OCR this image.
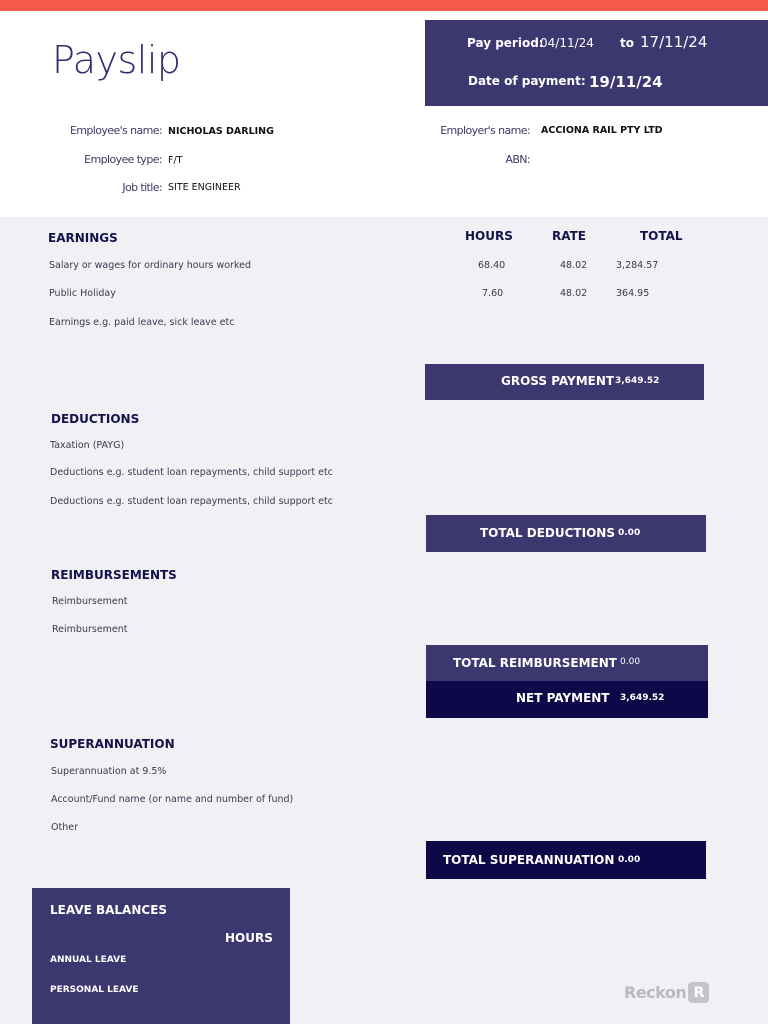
Payslip	Pay period:
04/11/24 to 17/11/24
Date of payment: 19/11/24
Employee's name: NICHOLAS DARLING
Employee type: F/T
Job title: SITE ENGINEER
Employer's name: ACCIONA RAIL PTY LTD
ABN:
EARNINGS	HOURS	RATE	TOTAL
Salary or wages for ordinary hours worked	68.40	48.02	3,284.57
Public Holiday	7.60	48.02	364.95
Earnings e.g. paid leave, sick leave etc
GROSS PAYMENT 3,649.52
DEDUCTIONS
Taxation (PAYG)
Deductions e.g. student loan repayments, child support etc
Deductions e.g. student loan repayments, child support etc
TOTAL DEDUCTIONS 0.00
REIMBURSEMENTS
Reimbursement
Reimbursement
TOTAL REIMBURSEMENT 0.00
NET PAYMENT 3,649.52
SUPERANNUATION
Superannuation at 9.5%
Account/Fund name (or name and number of fund)
Other
TOTAL SUPERANNUATION 0.00
LEAVE BALANCES
HOURS
ANNUAL LEAVE
PERSONAL LEAVE	Reckon R
